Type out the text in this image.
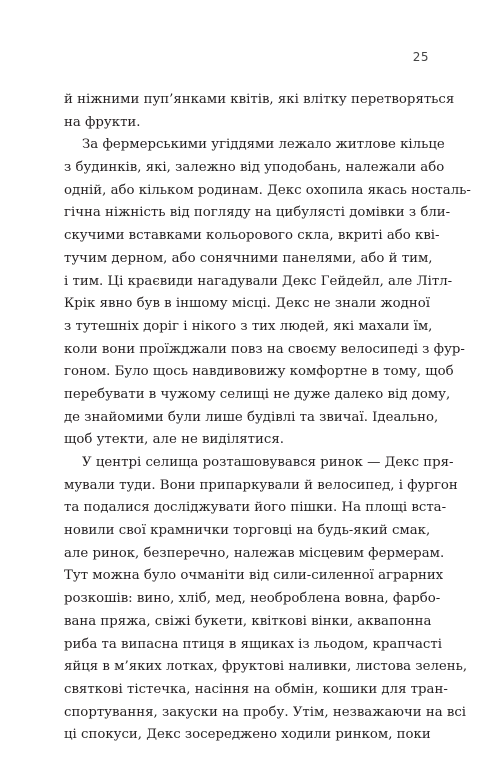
25
й ніжними пуп’янками квітів, які влітку перетворяться
на фрукти.
За фермерськими угіддями лежало житлове кільце
з будинків, які, залежно від уподобань, належали або
одній, або кільком родинам. Декс охопила якась носталь-
гічна ніжність від погляду на цибулясті домівки з бли-
скучими вставками кольорового скла, вкриті або кві-
тучим дерном, або сонячними панелями, або й тим,
і тим. Ці краєвиди нагадували Декс Гейдейл, але Літл-
Крік явно був в іншому місці. Декс не знали жодної
з тутешніх доріг і нікого з тих людей, які махали їм,
коли вони проїжджали повз на своєму велосипеді з фур-
гоном. Було щось навдивовижу комфортне в тому, щоб
перебувати в чужому селищі не дуже далеко від дому,
де знайомими були лише будівлі та звичаї. Ідеально,
щоб утекти, але не виділятися.
У центрі селища розташовувався ринок — Декс пря-
мували туди. Вони припаркували й велосипед, і фургон
та подалися досліджувати його пішки. На площі вста-
новили свої крамнички торговці на будь-який смак,
але ринок, безперечно, належав місцевим фермерам.
Тут можна було очманіти від сили-силенної аграрних
розкошів: вино, хліб, мед, необроблена вовна, фарбо-
вана пряжа, свіжі букети, квіткові вінки, аквапонна
риба та випасна птиця в ящиках із льодом, крапчасті
яйця в м’яких лотках, фруктові наливки, листова зелень,
святкові тістечка, насіння на обмін, кошики для тран-
спортування, закуски на пробу. Утім, незважаючи на всі
ці спокуси, Декс зосереджено ходили ринком, поки
